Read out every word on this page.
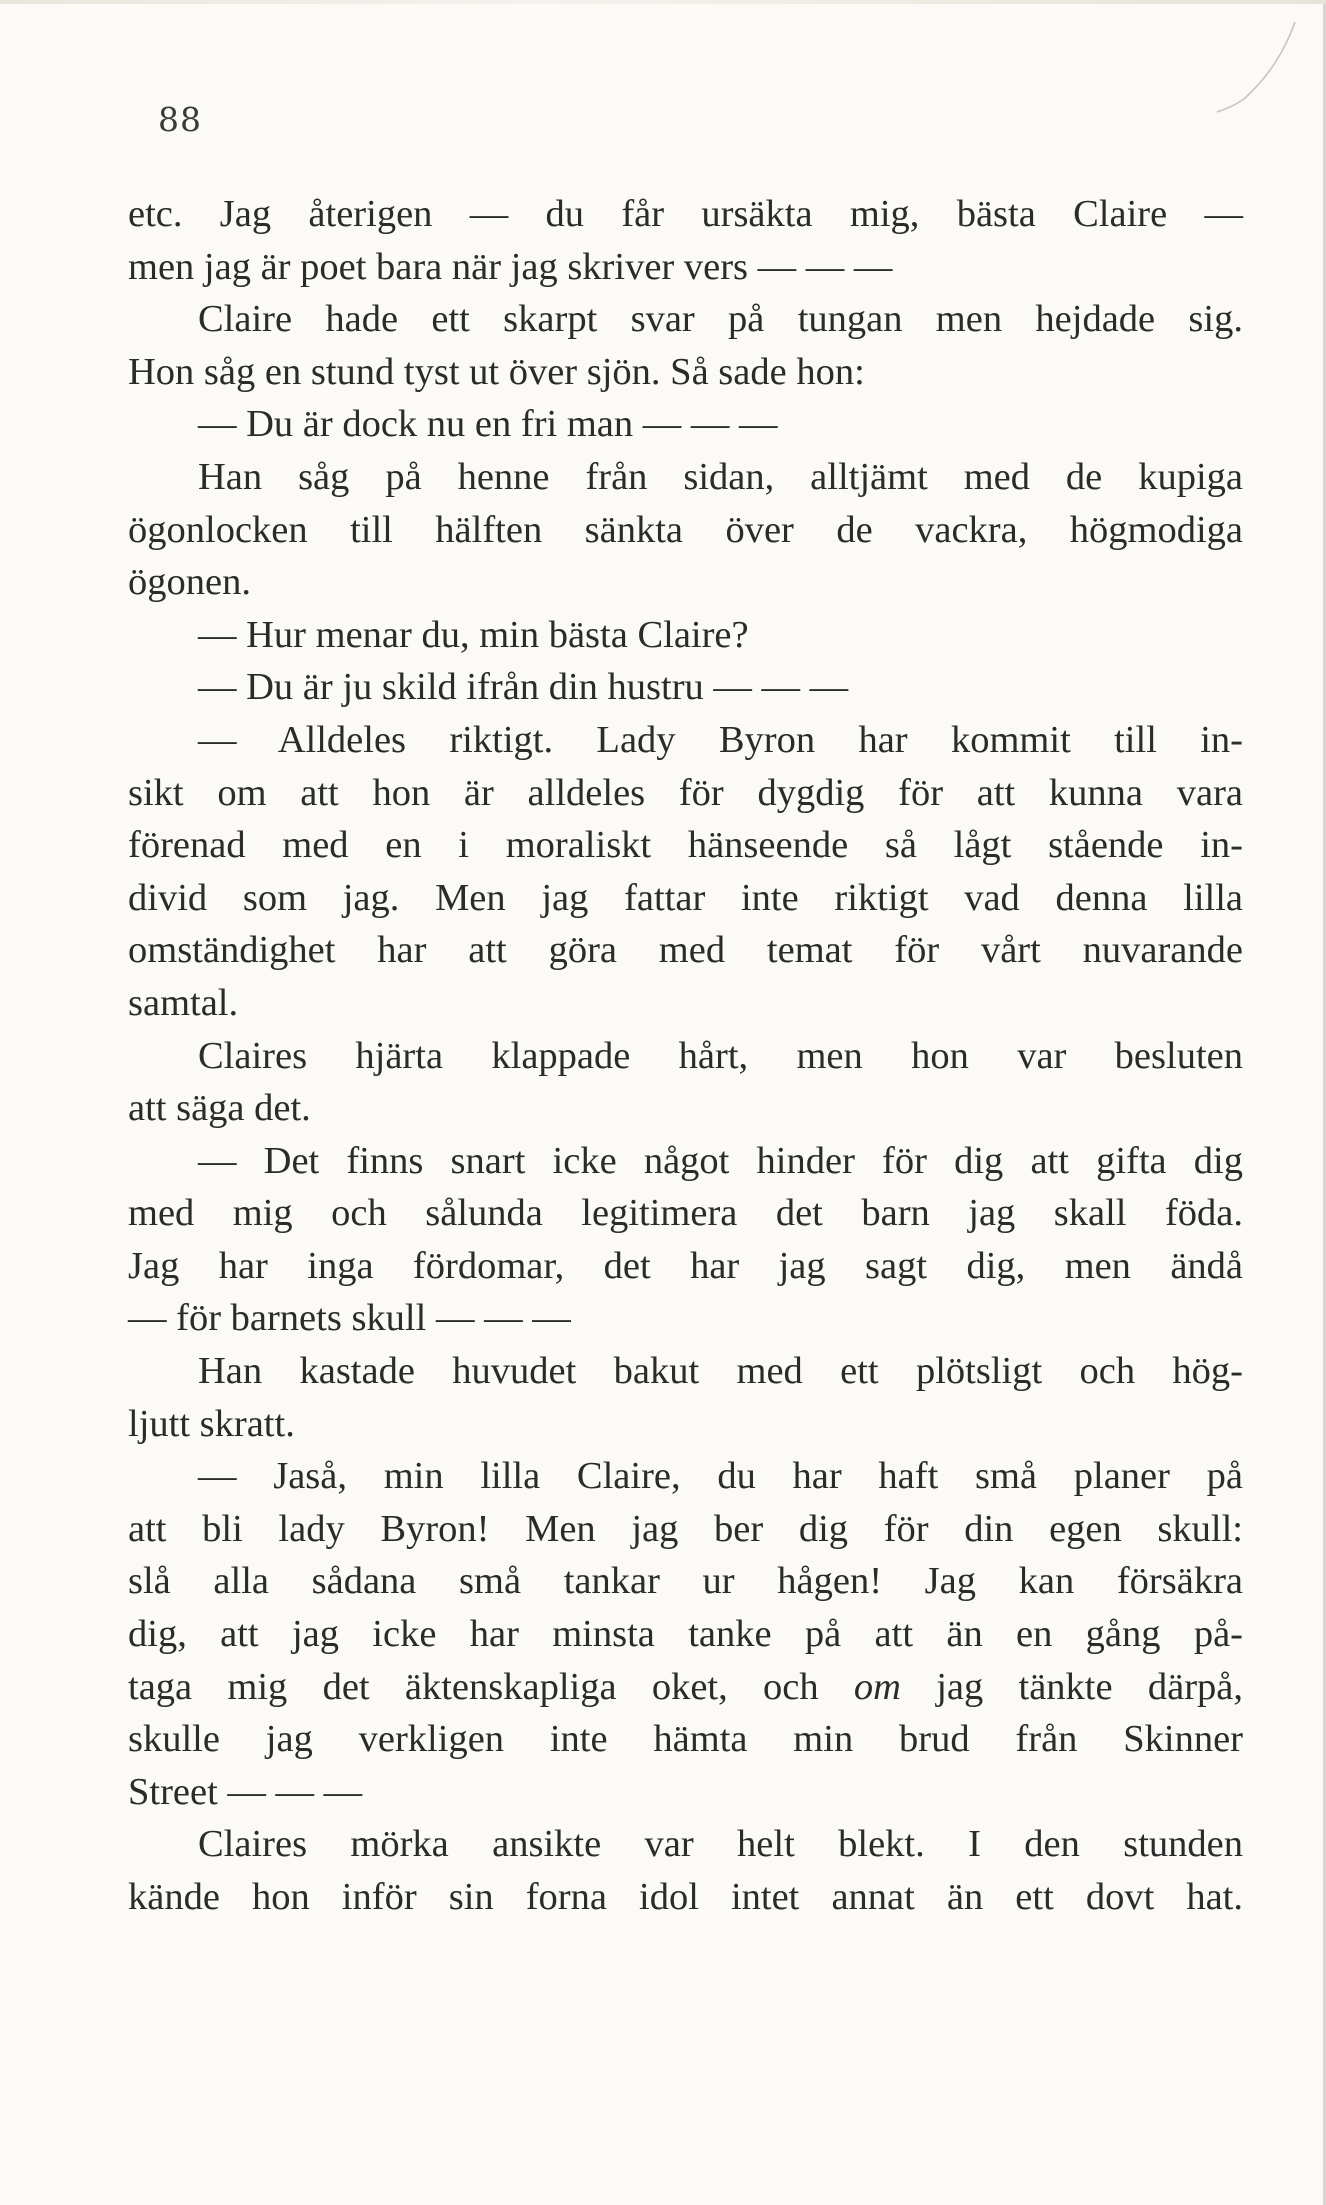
88
etc. Jag återigen — du får ursäkta mig, bästa Claire —
men jag är poet bara när jag skriver vers — — —
Claire hade ett skarpt svar på tungan men hejdade sig.
Hon såg en stund tyst ut över sjön. Så sade hon:
— Du är dock nu en fri man — — —
Han såg på henne från sidan, alltjämt med de kupiga
ögonlocken till hälften sänkta över de vackra, högmodiga
ögonen.
— Hur menar du, min bästa Claire?
— Du är ju skild ifrån din hustru — — —
— Alldeles riktigt. Lady Byron har kommit till in-
sikt om att hon är alldeles för dygdig för att kunna vara
förenad med en i moraliskt hänseende så lågt stående in-
divid som jag. Men jag fattar inte riktigt vad denna lilla
omständighet har att göra med temat för vårt nuvarande
samtal.
Claires hjärta klappade hårt, men hon var besluten
att säga det.
— Det finns snart icke något hinder för dig att gifta dig
med mig och sålunda legitimera det barn jag skall föda.
Jag har inga fördomar, det har jag sagt dig, men ändå
— för barnets skull — — —
Han kastade huvudet bakut med ett plötsligt och hög-
ljutt skratt.
— Jaså, min lilla Claire, du har haft små planer på
att bli lady Byron! Men jag ber dig för din egen skull:
slå alla sådana små tankar ur hågen! Jag kan försäkra
dig, att jag icke har minsta tanke på att än en gång på-
taga mig det äktenskapliga oket, och om jag tänkte därpå,
skulle jag verkligen inte hämta min brud från Skinner
Street — — —
Claires mörka ansikte var helt blekt. I den stunden
kände hon inför sin forna idol intet annat än ett dovt hat.
